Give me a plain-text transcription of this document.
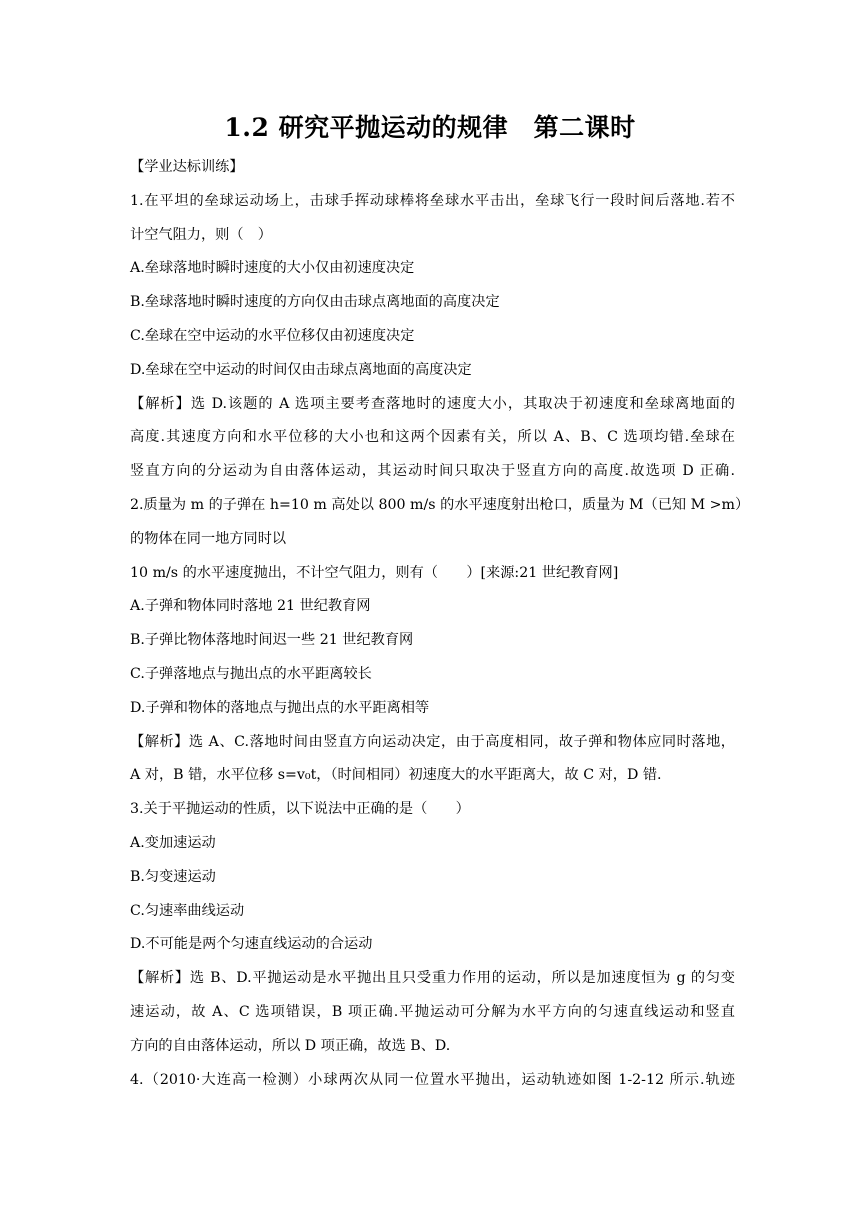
1.2 研究平抛运动的规律　第二课时
【学业达标训练】
1.在平坦的垒球运动场上，击球手挥动球棒将垒球水平击出，垒球飞行一段时间后落地.若不
计空气阻力，则（　）
A.垒球落地时瞬时速度的大小仅由初速度决定
B.垒球落地时瞬时速度的方向仅由击球点离地面的高度决定
C.垒球在空中运动的水平位移仅由初速度决定
D.垒球在空中运动的时间仅由击球点离地面的高度决定
【解析】选 D.该题的 A 选项主要考查落地时的速度大小，其取决于初速度和垒球离地面的
高度.其速度方向和水平位移的大小也和这两个因素有关，所以 A、B、C 选项均错.垒球在
竖直方向的分运动为自由落体运动，其运动时间只取决于竖直方向的高度.故选项 D 正确.
2.质量为 m 的子弹在 h=10 m 高处以 800 m/s 的水平速度射出枪口，质量为 M（已知 M >m）
的物体在同一地方同时以
10 m/s 的水平速度抛出，不计空气阻力，则有（　　）[来源:21 世纪教育网]
A.子弹和物体同时落地 21 世纪教育网
B.子弹比物体落地时间迟一些 21 世纪教育网
C.子弹落地点与抛出点的水平距离较长
D.子弹和物体的落地点与抛出点的水平距离相等
【解析】选 A、C.落地时间由竖直方向运动决定，由于高度相同，故子弹和物体应同时落地，
A 对，B 错，水平位移 s=v₀t，（时间相同）初速度大的水平距离大，故 C 对，D 错.
3.关于平抛运动的性质，以下说法中正确的是（　　）
A.变加速运动
B.匀变速运动
C.匀速率曲线运动
D.不可能是两个匀速直线运动的合运动
【解析】选 B、D.平抛运动是水平抛出且只受重力作用的运动，所以是加速度恒为 g 的匀变
速运动，故 A、C 选项错误，B 项正确.平抛运动可分解为水平方向的匀速直线运动和竖直
方向的自由落体运动，所以 D 项正确，故选 B、D.
4.（2010·大连高一检测）小球两次从同一位置水平抛出，运动轨迹如图 1-2-12 所示.轨迹
